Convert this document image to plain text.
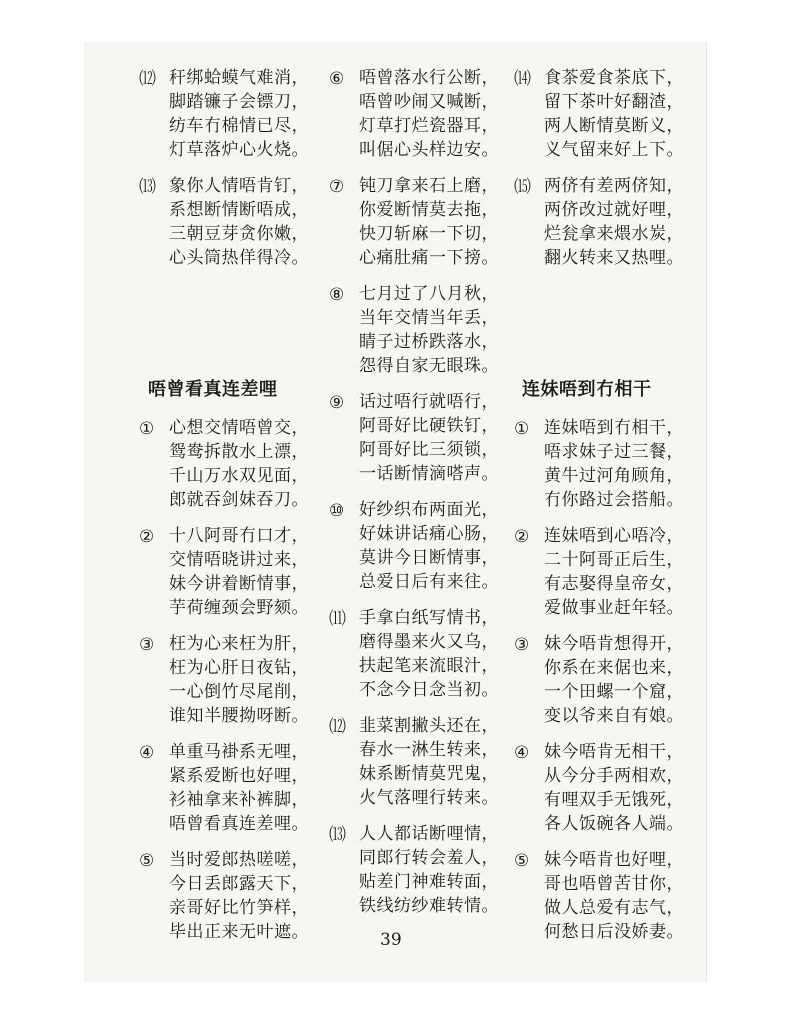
⑿ 秆绑蛤蟆气难消，
脚踏镰子会镖刀，
纺车冇棉情已尽，
灯草落炉心火烧。
⒀ 象你人情唔肯钉，
系想断情断唔成，
三朝豆芽贪你嫩，
心头筒热佯得冷。
唔曾看真连差哩
① 心想交情唔曾交，
鸳鸯拆散水上漂，
千山万水双见面，
郎就吞剑妹吞刀。
② 十八阿哥冇口才，
交情唔晓讲过来，
妹今讲着断情事，
芋荷缠颈会野颏。
③ 枉为心来枉为肝，
枉为心肝日夜钻，
一心倒竹尽尾削，
谁知半腰拗呀断。
④ 单重马褂系无哩，
紧系爱断也好哩，
衫袖拿来补裤脚，
唔曾看真连差哩。
⑤ 当时爱郎热嗟嗟，
今日丢郎露天下，
亲哥好比竹笋样，
毕出正来无叶遮。
⑥ 唔曾落水行公断，
唔曾吵闹又喊断，
灯草打烂瓷器耳，
叫倨心头样边安。
⑦ 钝刀拿来石上磨，
你爱断情莫去拖，
快刀斩麻一下切，
心痛肚痛一下搒。
⑧ 七月过了八月秋，
当年交情当年丢，
睛子过桥跌落水，
怨得自家无眼珠。
⑨ 话过唔行就唔行，
阿哥好比硬铁钉，
阿哥好比三须锁，
一话断情滴嗒声。
⑩ 好纱织布两面光，
好妹讲话痛心肠，
莫讲今日断情事，
总爱日后有来往。
⑾ 手拿白纸写情书，
磨得墨来火又乌，
扶起笔来流眼汁，
不念今日念当初。
⑿ 韭菜割撇头还在，
春水一淋生转来，
妹系断情莫咒鬼，
火气落哩行转来。
⒀ 人人都话断哩情，
同郎行转会羞人，
贴差门神难转面，
铁线纺纱难转情。
⒁ 食茶爱食茶底下，
留下茶叶好翻渣，
两人断情莫断义，
义气留来好上下。
⒂ 两侪有差两侪知，
两侪改过就好哩，
烂瓮拿来煨水炭，
翻火转来又热哩。
连妹唔到冇相干
① 连妹唔到冇相干，
唔求妹子过三餐，
黄牛过河角顾角，
冇你路过会搭船。
② 连妹唔到心唔冷，
二十阿哥正后生，
有志娶得皇帝女，
爱做事业赶年轻。
③ 妹今唔肯想得开，
你系在来倨也来，
一个田螺一个窟，
变以爷来自有娘。
④ 妹今唔肯无相干，
从今分手两相欢，
有哩双手无饿死，
各人饭碗各人端。
⑤ 妹今唔肯也好哩，
哥也唔曾苦甘你，
做人总爱有志气，
何愁日后没娇妻。
39
